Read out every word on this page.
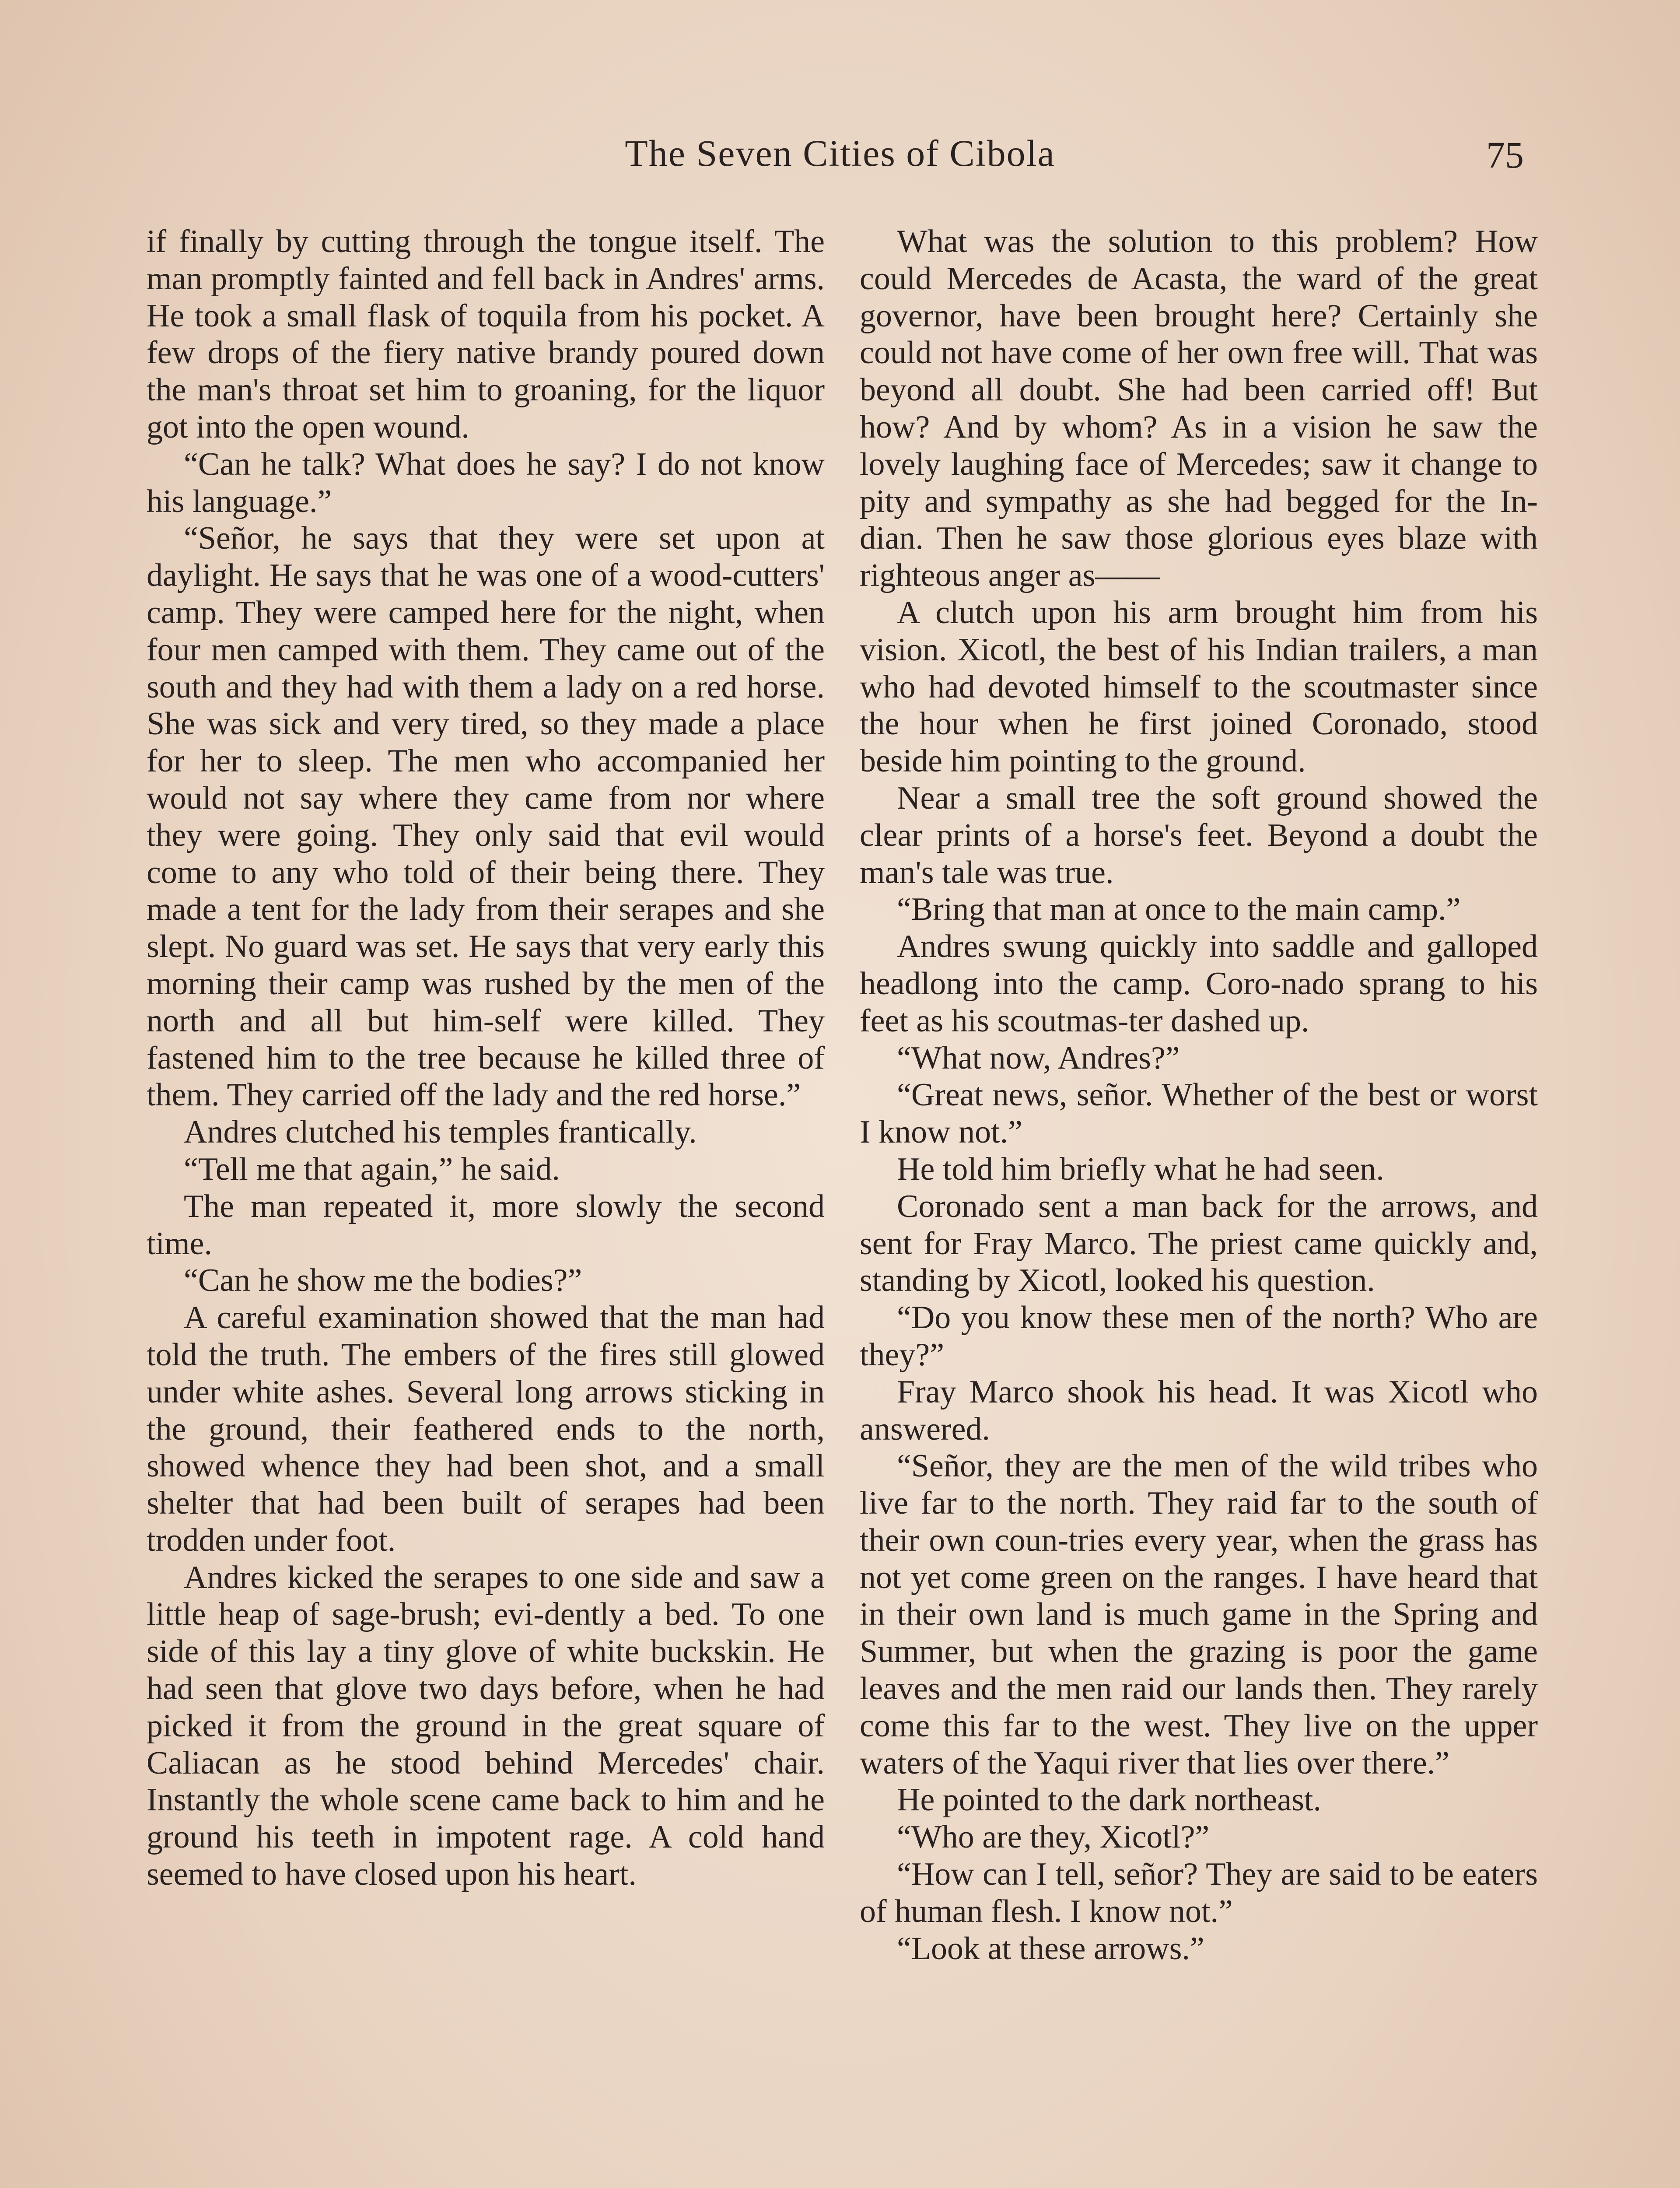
The Seven Cities of Cibola	75

if finally by cutting through the tongue itself. The man promptly fainted and fell back in Andres' arms. He took a small flask of toquila from his pocket. A few drops of the fiery native brandy poured down the man's throat set him to groaning, for the liquor got into the open wound.

“Can he talk? What does he say? I do not know his language.”

“Señor, he says that they were set upon at daylight. He says that he was one of a wood-cutters' camp. They were camped here for the night, when four men camped with them. They came out of the south and they had with them a lady on a red horse. She was sick and very tired, so they made a place for her to sleep. The men who accompanied her would not say where they came from nor where they were going. They only said that evil would come to any who told of their being there. They made a tent for the lady from their serapes and she slept. No guard was set. He says that very early this morning their camp was rushed by the men of the north and all but him-self were killed. They fastened him to the tree because he killed three of them. They carried off the lady and the red horse.”

Andres clutched his temples frantically.

“Tell me that again,” he said.

The man repeated it, more slowly the second time.

“Can he show me the bodies?”

A careful examination showed that the man had told the truth. The embers of the fires still glowed under white ashes. Several long arrows sticking in the ground, their feathered ends to the north, showed whence they had been shot, and a small shelter that had been built of serapes had been trodden under foot.

Andres kicked the serapes to one side and saw a little heap of sage-brush; evi-dently a bed. To one side of this lay a tiny glove of white buckskin. He had seen that glove two days before, when he had picked it from the ground in the great square of Caliacan as he stood behind Mercedes' chair. Instantly the whole scene came back to him and he ground his teeth in impotent rage. A cold hand seemed to have closed upon his heart.

What was the solution to this problem? How could Mercedes de Acasta, the ward of the great governor, have been brought here? Certainly she could not have come of her own free will. That was beyond all doubt. She had been carried off! But how? And by whom? As in a vision he saw the lovely laughing face of Mercedes; saw it change to pity and sympathy as she had begged for the In-dian. Then he saw those glorious eyes blaze with righteous anger as——

A clutch upon his arm brought him from his vision. Xicotl, the best of his Indian trailers, a man who had devoted himself to the scoutmaster since the hour when he first joined Coronado, stood beside him pointing to the ground.

Near a small tree the soft ground showed the clear prints of a horse's feet. Beyond a doubt the man's tale was true.

“Bring that man at once to the main camp.”

Andres swung quickly into saddle and galloped headlong into the camp. Coro-nado sprang to his feet as his scoutmas-ter dashed up.

“What now, Andres?”

“Great news, señor. Whether of the best or worst I know not.”

He told him briefly what he had seen.

Coronado sent a man back for the arrows, and sent for Fray Marco. The priest came quickly and, standing by Xicotl, looked his question.

“Do you know these men of the north? Who are they?”

Fray Marco shook his head. It was Xicotl who answered.

“Señor, they are the men of the wild tribes who live far to the north. They raid far to the south of their own coun-tries every year, when the grass has not yet come green on the ranges. I have heard that in their own land is much game in the Spring and Summer, but when the grazing is poor the game leaves and the men raid our lands then. They rarely come this far to the west. They live on the upper waters of the Yaqui river that lies over there.”

He pointed to the dark northeast.

“Who are they, Xicotl?”

“How can I tell, señor? They are said to be eaters of human flesh. I know not.”

“Look at these arrows.”
